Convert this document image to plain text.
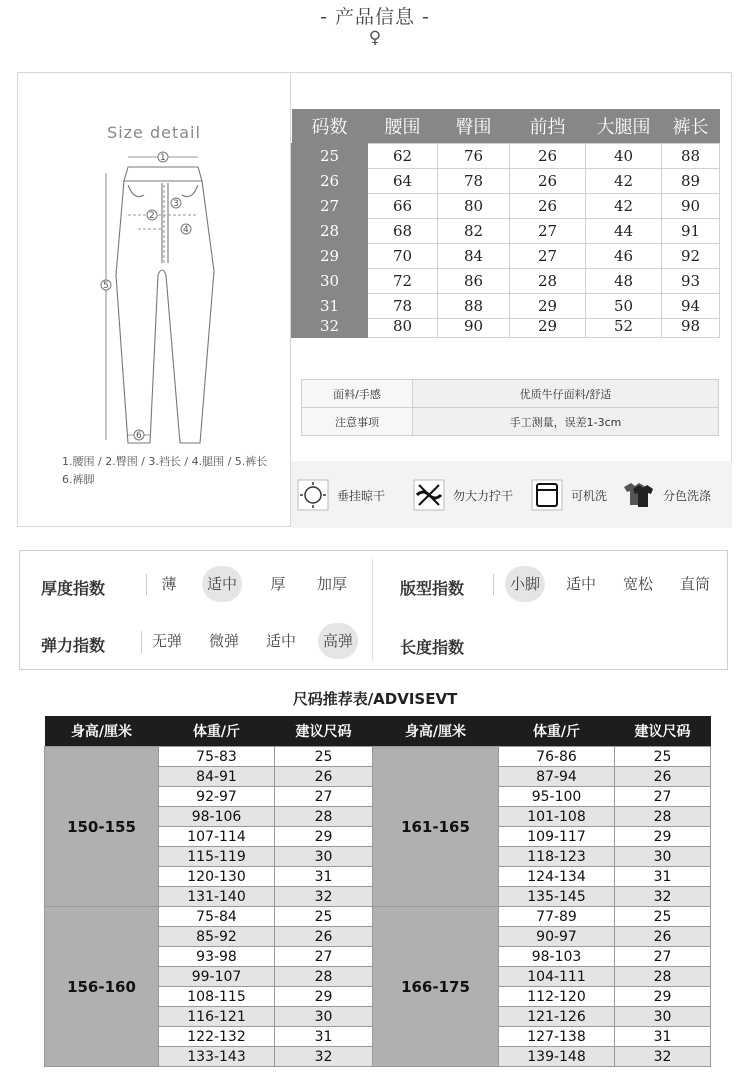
- 产品信息 -
♀
Size detail
1
2
3
4
5
6
1.腰围 / 2.臀围 / 3.裆长 / 4.腿围 / 5.裤长
6.裤脚
码数	腰围	臀围	前挡	大腿围	裤长
25	62	76	26	40	88
26	64	78	26	42	89
27	66	80	26	42	90
28	68	82	27	44	91
29	70	84	27	46	92
30	72	86	28	48	93
31	78	88	29	50	94
32	80	90	29	52	98
面料/手感	优质牛仔面料/舒适
注意事项	手工测量，误差1-3cm
垂挂晾干	勿大力拧干	可机洗	分色洗涤
厚度指数	薄	适中	厚	加厚	版型指数	小脚	适中	宽松	直筒
弹力指数	无弹	微弹	适中	高弹	长度指数
尺码推荐表/ADVISEVT
身高/厘米	体重/斤	建议尺码
150-155	75-83	25
	84-91	26
	92-97	27
	98-106	28
	107-114	29
	115-119	30
	120-130	31
	131-140	32
156-160	75-84	25
	85-92	26
	93-98	27
	99-107	28
	108-115	29
	116-121	30
	122-132	31
	133-143	32
身高/厘米	体重/斤	建议尺码
161-165	76-86	25
	87-94	26
	95-100	27
	101-108	28
	109-117	29
	118-123	30
	124-134	31
	135-145	32
166-175	77-89	25
	90-97	26
	98-103	27
	104-111	28
	112-120	29
	121-126	30
	127-138	31
	139-148	32
